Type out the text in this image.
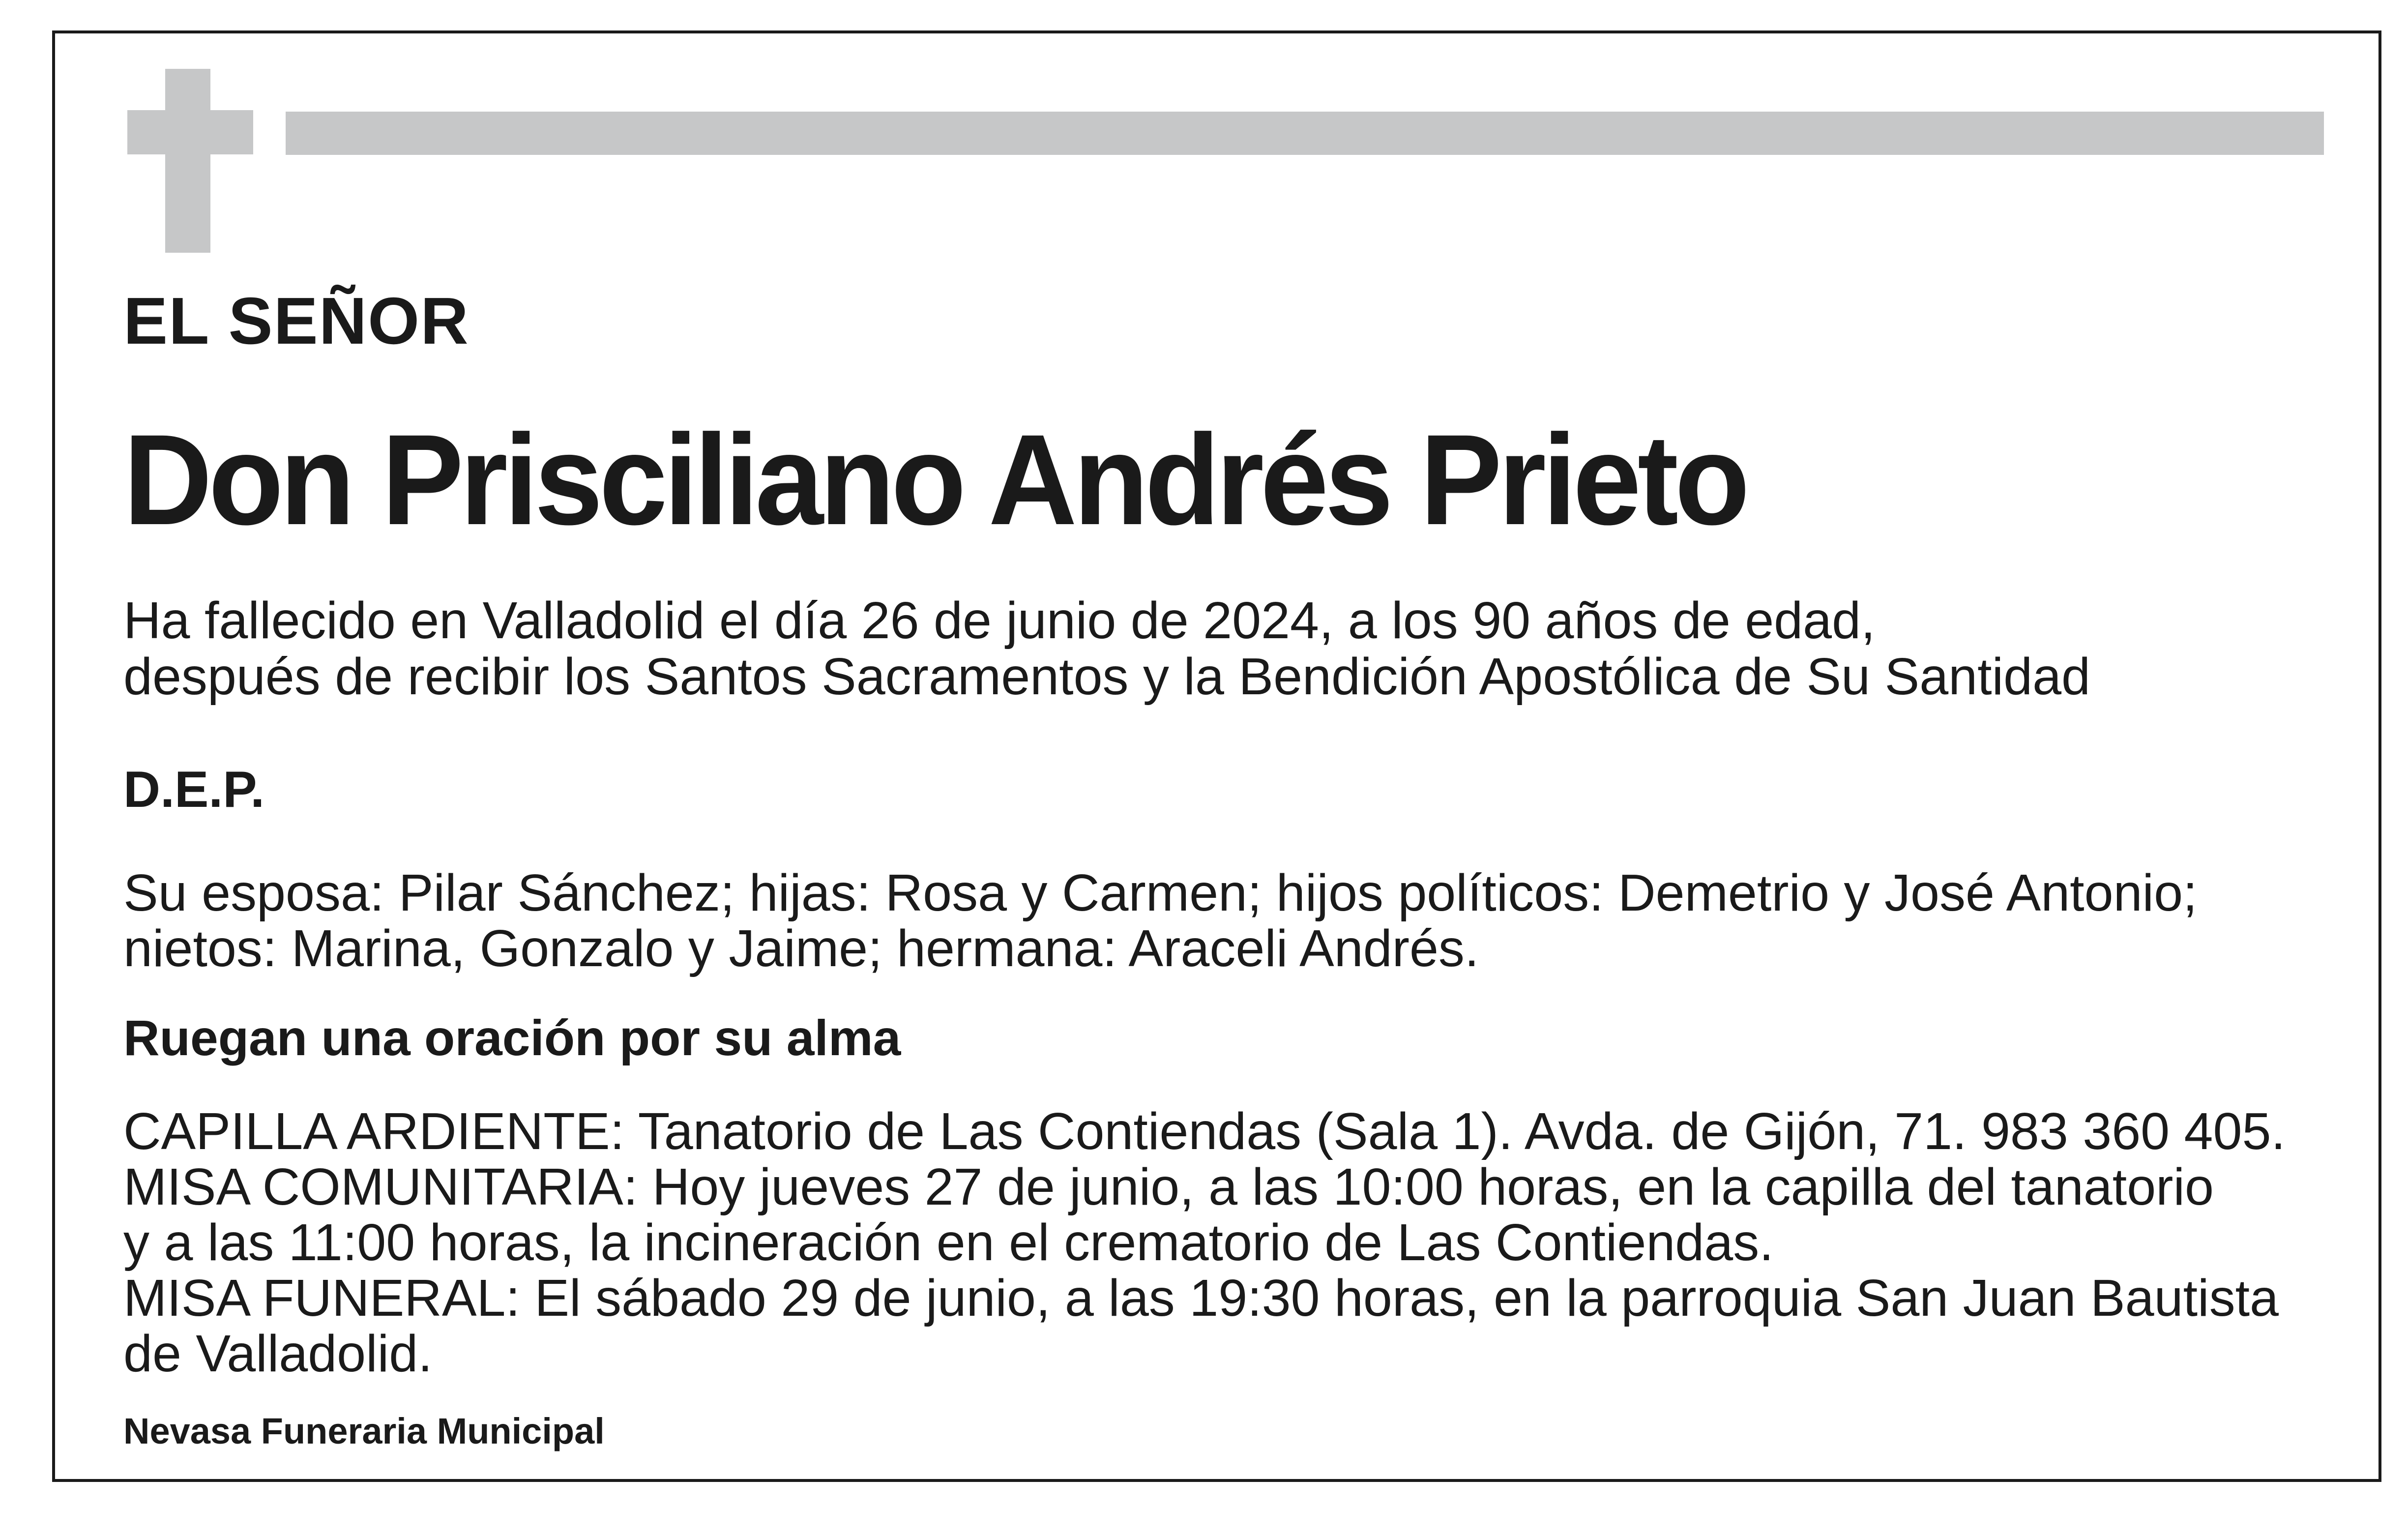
EL SEÑOR
Don Prisciliano Andrés Prieto
Ha fallecido en Valladolid el día 26 de junio de 2024, a los 90 años de edad,
después de recibir los Santos Sacramentos y la Bendición Apostólica de Su Santidad
D.E.P.
Su esposa: Pilar Sánchez; hijas: Rosa y Carmen; hijos políticos: Demetrio y José Antonio;
nietos: Marina, Gonzalo y Jaime; hermana: Araceli Andrés.
Ruegan una oración por su alma
CAPILLA ARDIENTE: Tanatorio de Las Contiendas (Sala 1). Avda. de Gijón, 71. 983 360 405.
MISA COMUNITARIA: Hoy jueves 27 de junio, a las 10:00 horas, en la capilla del tanatorio
y a las 11:00 horas, la incineración en el crematorio de Las Contiendas.
MISA FUNERAL: El sábado 29 de junio, a las 19:30 horas, en la parroquia San Juan Bautista
de Valladolid.
Nevasa Funeraria Municipal
